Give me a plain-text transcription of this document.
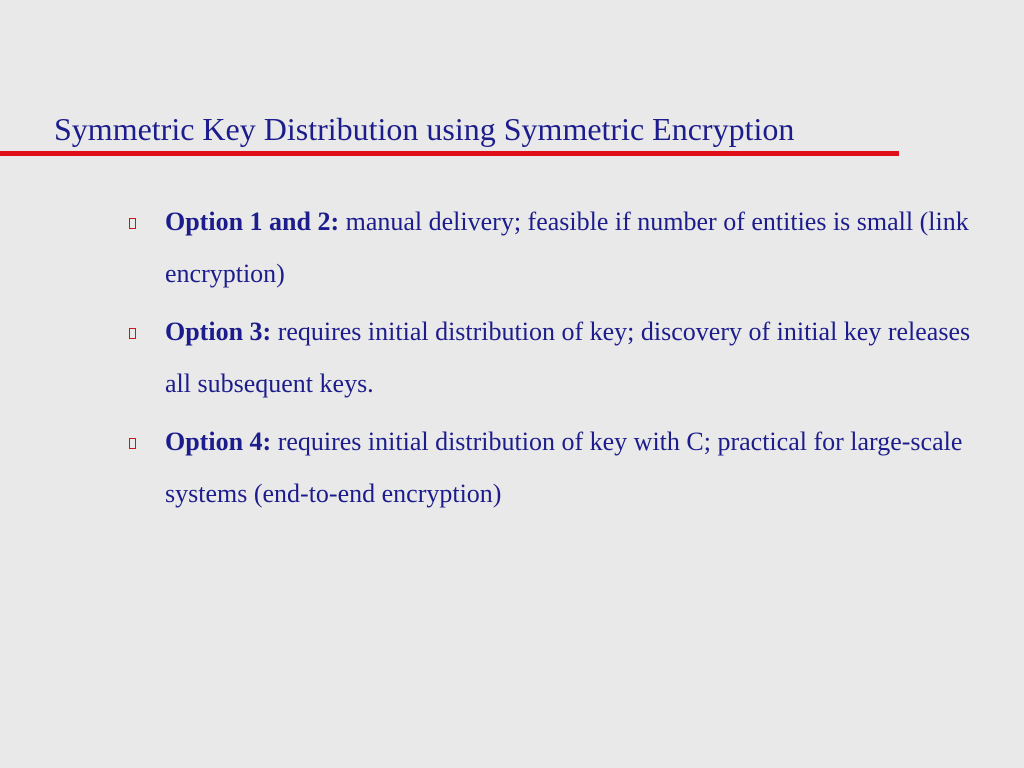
Symmetric Key Distribution using Symmetric Encryption
Option 1 and 2: manual delivery; feasible if number of entities is small (link encryption)
Option 3: requires initial distribution of key; discovery of initial key releases all subsequent keys.
Option 4: requires initial distribution of key with C; practical for large-scale systems (end-to-end encryption)
